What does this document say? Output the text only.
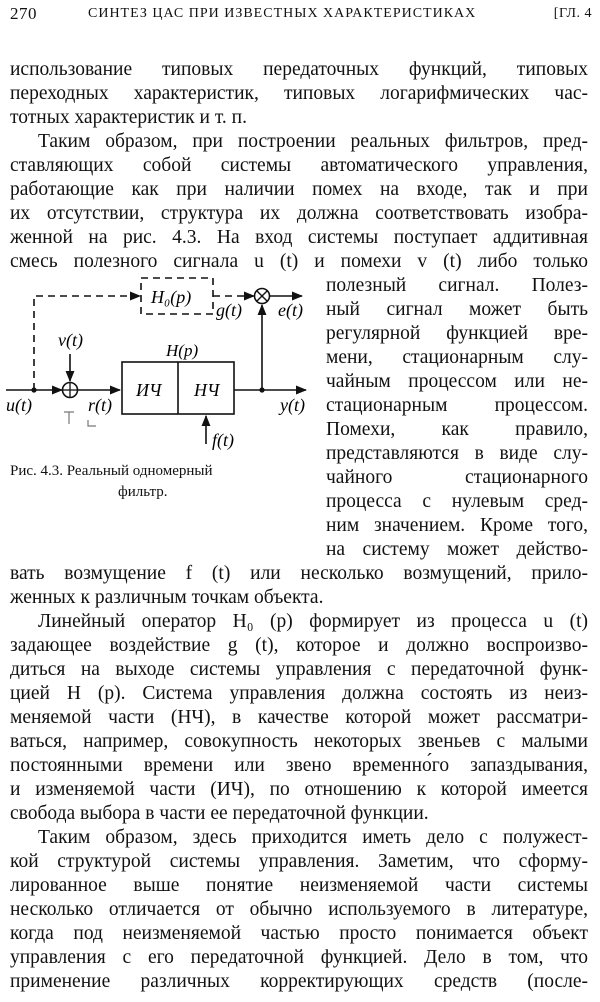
270	СИНТЕЗ ЦАС ПРИ ИЗВЕСТНЫХ ХАРАКТЕРИСТИКАХ	[ГЛ. 4
использование типовых передаточных функций, типовых
переходных характеристик, типовых логарифмических час-
тотных характеристик и т. п.
Таким образом, при построении реальных фильтров, пред-
ставляющих собой системы автоматического управления,
работающие как при наличии помех на входе, так и при
их отсутствии, структура их должна соответствовать изобра-
женной на рис. 4.3. На вход системы поступает аддитивная
смесь полезного сигнала u (t) и помехи v (t) либо только
полезный сигнал. Полез-
ный сигнал может быть
регулярной функцией вре-
мени, стационарным слу-
чайным процессом или не-
стационарным процессом.
Помехи, как правило,
представляются в виде слу-
чайного стационарного
процесса с нулевым сред-
ним значением. Кроме того,
на систему может действо-
вать возмущение f (t) или несколько возмущений, прило-
женных к различным точкам объекта.
Линейный оператор H₀ (p) формирует из процесса u (t)
задающее воздействие g (t), которое и должно воспроизво-
диться на выходе системы управления с передаточной функ-
цией H (p). Система управления должна состоять из неиз-
меняемой части (НЧ), в качестве которой может рассматри-
ваться, например, совокупность некоторых звеньев с малыми
постоянными времени или звено временно́го запаздывания,
и изменяемой части (ИЧ), по отношению к которой имеется
свобода выбора в части ее передаточной функции.
Таким образом, здесь приходится иметь дело с полужест-
кой структурой системы управления. Заметим, что сформу-
лированное выше понятие неизменяемой части системы
несколько отличается от обычно используемого в литературе,
когда под неизменяемой частью просто понимается объект
управления с его передаточной функцией. Дело в том, что
применение различных корректирующих средств (после-
H₀(p)
H(p)
ИЧ НЧ
v(t)
u(t)	r(t)
g(t) e(t)
y(t)
f(t)
Рис. 4.3. Реальный одномерный
фильтр.
